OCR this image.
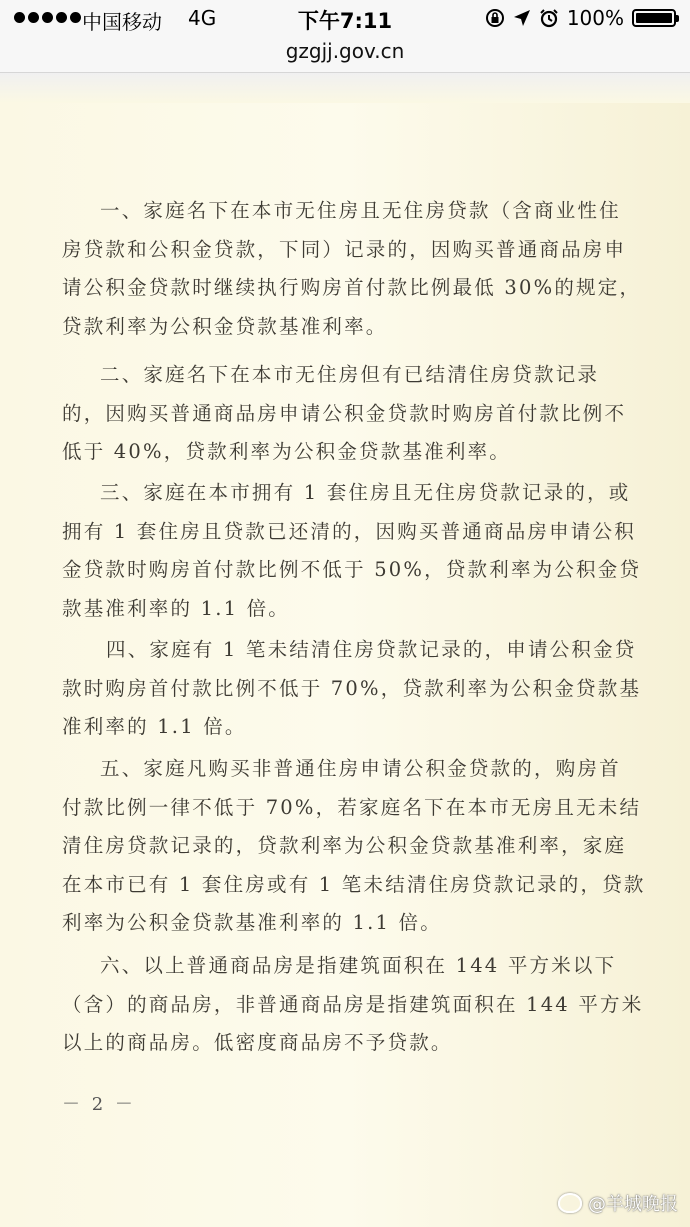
中国移动 4G	下午7:11	100%
gzgjj.gov.cn

一、家庭名下在本市无住房且无住房贷款（含商业性住
房贷款和公积金贷款，下同）记录的，因购买普通商品房申
请公积金贷款时继续执行购房首付款比例最低 30%的规定，
贷款利率为公积金贷款基准利率。

二、家庭名下在本市无住房但有已结清住房贷款记录
的，因购买普通商品房申请公积金贷款时购房首付款比例不
低于 40%，贷款利率为公积金贷款基准利率。

三、家庭在本市拥有 1 套住房且无住房贷款记录的，或
拥有 1 套住房且贷款已还清的，因购买普通商品房申请公积
金贷款时购房首付款比例不低于 50%，贷款利率为公积金贷
款基准利率的 1.1 倍。

四、家庭有 1 笔未结清住房贷款记录的，申请公积金贷
款时购房首付款比例不低于 70%，贷款利率为公积金贷款基
准利率的 1.1 倍。

五、家庭凡购买非普通住房申请公积金贷款的，购房首
付款比例一律不低于 70%，若家庭名下在本市无房且无未结
清住房贷款记录的，贷款利率为公积金贷款基准利率，家庭
在本市已有 1 套住房或有 1 笔未结清住房贷款记录的，贷款
利率为公积金贷款基准利率的 1.1 倍。

六、以上普通商品房是指建筑面积在 144 平方米以下
（含）的商品房，非普通商品房是指建筑面积在 144 平方米
以上的商品房。低密度商品房不予贷款。

－ 2 －
@羊城晚报
